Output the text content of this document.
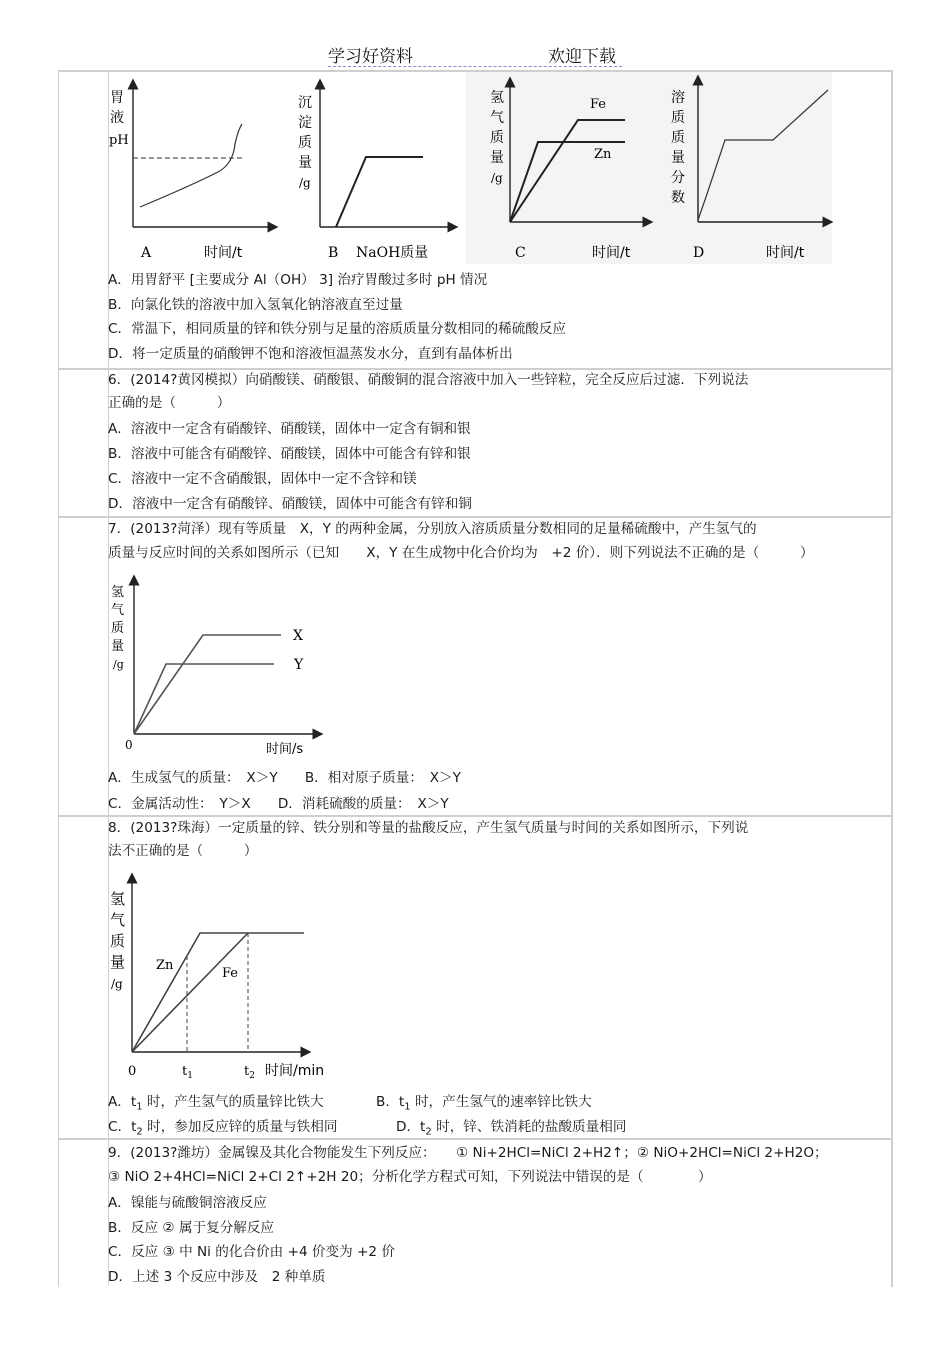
学习好资料	欢迎下载
胃
液
pH
A	时间/t
沉
淀
质
量
/g
B NaOH质量
Fe
Zn
氢
气
质
量
/g
C	时间/t
溶
质
质
量
分
数
D	时间/t
A．用胃舒平 [主要成分 Al（OH） 3] 治疗胃酸过多时 pH 情况
B．向氯化铁的溶液中加入氢氧化钠溶液直至过量
C．常温下，相同质量的锌和铁分别与足量的溶质质量分数相同的稀硫酸反应
D．将一定质量的硝酸钾不饱和溶液恒温蒸发水分，直到有晶体析出
6．(2014?黄冈模拟）向硝酸镁、硝酸银、硝酸铜的混合溶液中加入一些锌粒，完全反应后过滤．下列说法
正确的是（　　　）
A．溶液中一定含有硝酸锌、硝酸镁，固体中一定含有铜和银
B．溶液中可能含有硝酸锌、硝酸镁，固体中可能含有锌和银
C．溶液中一定不含硝酸银，固体中一定不含锌和镁
D．溶液中一定含有硝酸锌、硝酸镁，固体中可能含有锌和铜
7．(2013?菏泽）现有等质量　X，Y 的两种金属，分别放入溶质质量分数相同的足量稀硫酸中，产生氢气的
质量与反应时间的关系如图所示（已知　　X，Y 在生成物中化合价均为　+2 价）．则下列说法不正确的是（　　　）
X
Y
氢
气
质
量
/g
0	时间/s
A．生成氢气的质量：　X＞Y　　B．相对原子质量：　X＞Y
C．金属活动性：　Y＞X　　D．消耗硫酸的质量：　X＞Y
8．(2013?珠海）一定质量的锌、铁分别和等量的盐酸反应，产生氢气质量与时间的关系如图所示，下列说
法不正确的是（　　　）
Zn
Fe
氢
气
质
量
/g
0	$t_1$	$t_2$ 时间/min
A．$t_1$ 时，产生氢气的质量锌比铁大	B．$t_1$ 时，产生氢气的速率锌比铁大
C．$t_2$ 时，参加反应锌的质量与铁相同	D．$t_2$ 时，锌、铁消耗的盐酸质量相同
9．(2013?潍坊）金属镍及其化合物能发生下列反应：　　① Ni+2HCl=NiCl 2+H2↑；② NiO+2HCl=NiCl 2+H2O；
③ NiO 2+4HCl=NiCl 2+Cl 2↑+2H 20；分析化学方程式可知，下列说法中错误的是（　　　　）
A．镍能与硫酸铜溶液反应
B．反应 ② 属于复分解反应
C．反应 ③ 中 Ni 的化合价由 +4 价变为 +2 价
D．上述 3 个反应中涉及　2 种单质
